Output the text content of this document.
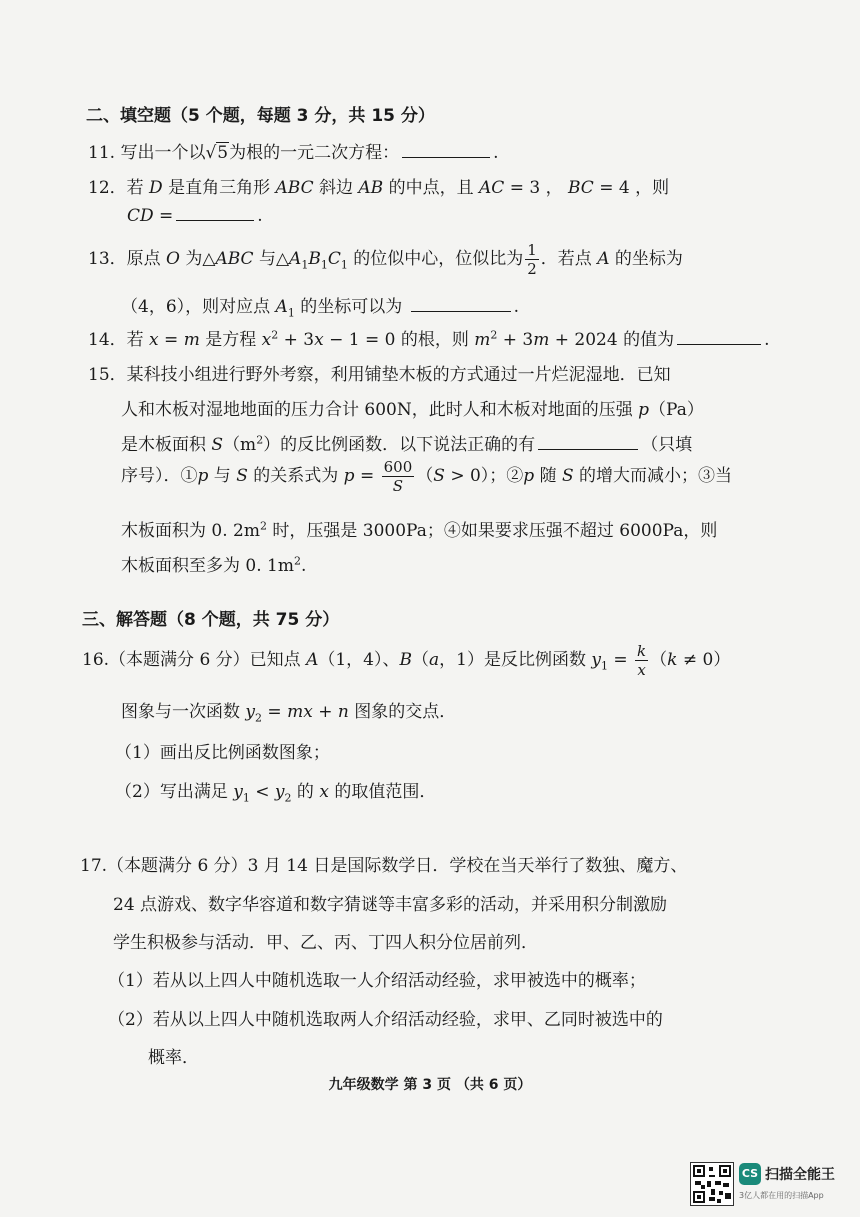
二、填空题（5 个题，每题 3 分，共 15 分）
11. 写出一个以√5为根的一元二次方程：	.
12．若 D 是直角三角形 ABC 斜边 AB 的中点，且 AC = 3 ， BC = 4 ，则
CD =	.
13．原点 O 为△ABC 与$\triangle A_1B_1C_1$ 的位似中心，位似比为 $\frac{1}{2}$ ．若点 A 的坐标为
（4，6），则对应点 $A_1$ 的坐标可以为	.
14．若 x = m 是方程 $x^2 + 3x - 1 = 0$ 的根，则 $m^2 + 3m + 2024$ 的值为	.
15．某科技小组进行野外考察，利用铺垫木板的方式通过一片烂泥湿地．已知
人和木板对湿地地面的压力合计 600N，此时人和木板对地面的压强 p（Pa）
是木板面积 $S(m^2)$的反比例函数．以下说法正确的有	（只填
序号）．①p 与 S 的关系式为 $p = \frac{600}{S} (S > 0)$；②p 随 S 的增大而减小；③当
木板面积为 0. $2m^2$ 时，压强是 3000Pa；④如果要求压强不超过 6000Pa，则
木板面积至多为 0. $1m^2$.
三、解答题（8 个题，共 75 分）
16.（本题满分 6 分）已知点 A（1，4）、B（a，1）是反比例函数 $y_1 = \frac{k}{x} (k \ne 0)$
图象与一次函数 $y_2$ = mx + n 图象的交点．
（1）画出反比例函数图象；
（2）写出满足 $y_1 < y_2$ 的 x 的取值范围．
17.（本题满分 6 分）3 月 14 日是国际数学日．学校在当天举行了数独、魔方、
24 点游戏、数字华容道和数字猜谜等丰富多彩的活动，并采用积分制激励
学生积极参与活动．甲、乙、丙、丁四人积分位居前列．
（1）若从以上四人中随机选取一人介绍活动经验，求甲被选中的概率；
（2）若从以上四人中随机选取两人介绍活动经验，求甲、乙同时被选中的
概率．
九年级数学 第 3 页 （共 6 页）
CS 扫描全能王
3亿人都在用的扫描App
